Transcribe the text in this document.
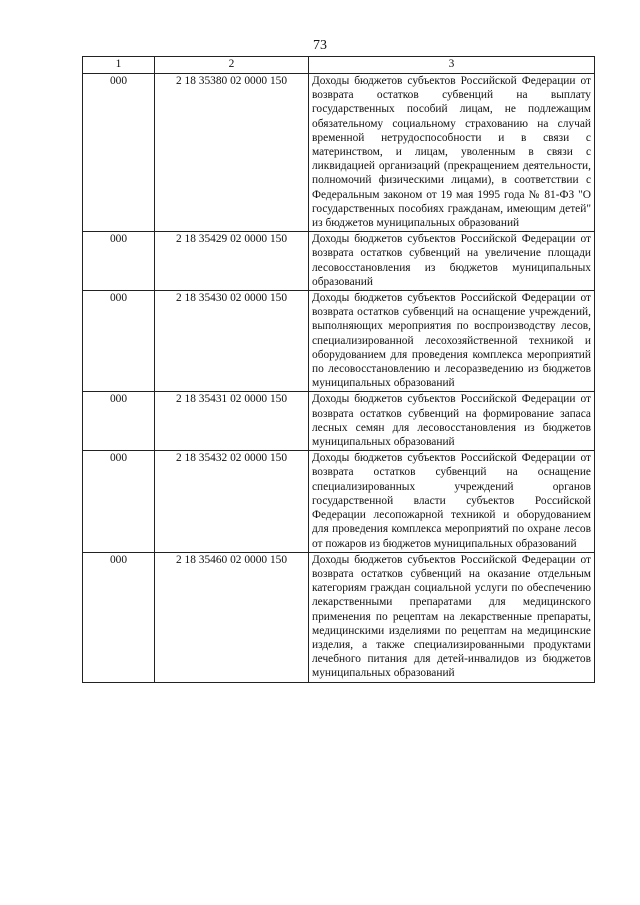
73
1	2	3
000	2 18 35380 02 0000 150	Доходы бюджетов субъектов Российской Федерации от возврата остатков субвенций на выплату государственных пособий лицам, не подлежащим обязательному социальному страхованию на случай временной нетрудоспособности и в связи с материнством, и лицам, уволенным в связи с ликвидацией организаций (прекращением деятельности, полномочий физическими лицами), в соответствии с Федеральным законом от 19 мая 1995 года № 81-ФЗ "О государственных пособиях гражданам, имеющим детей" из бюджетов муниципальных образований
000	2 18 35429 02 0000 150	Доходы бюджетов субъектов Российской Федерации от возврата остатков субвенций на увеличение площади лесовосстановления из бюджетов муниципальных образований
000	2 18 35430 02 0000 150	Доходы бюджетов субъектов Российской Федерации от возврата остатков субвенций на оснащение учреждений, выполняющих мероприятия по воспроизводству лесов, специализированной лесохозяйственной техникой и оборудованием для проведения комплекса мероприятий по лесовосстановлению и лесоразведению из бюджетов муниципальных образований
000	2 18 35431 02 0000 150	Доходы бюджетов субъектов Российской Федерации от возврата остатков субвенций на формирование запаса лесных семян для лесовосстановления из бюджетов муниципальных образований
000	2 18 35432 02 0000 150	Доходы бюджетов субъектов Российской Федерации от возврата остатков субвенций на оснащение специализированных учреждений органов государственной власти субъектов Российской Федерации лесопожарной техникой и оборудованием для проведения комплекса мероприятий по охране лесов от пожаров из бюджетов муниципальных образований
000	2 18 35460 02 0000 150	Доходы бюджетов субъектов Российской Федерации от возврата остатков субвенций на оказание отдельным категориям граждан социальной услуги по обеспечению лекарственными препаратами для медицинского применения по рецептам на лекарственные препараты, медицинскими изделиями по рецептам на медицинские изделия, а также специализированными продуктами лечебного питания для детей-инвалидов из бюджетов муниципальных образований
